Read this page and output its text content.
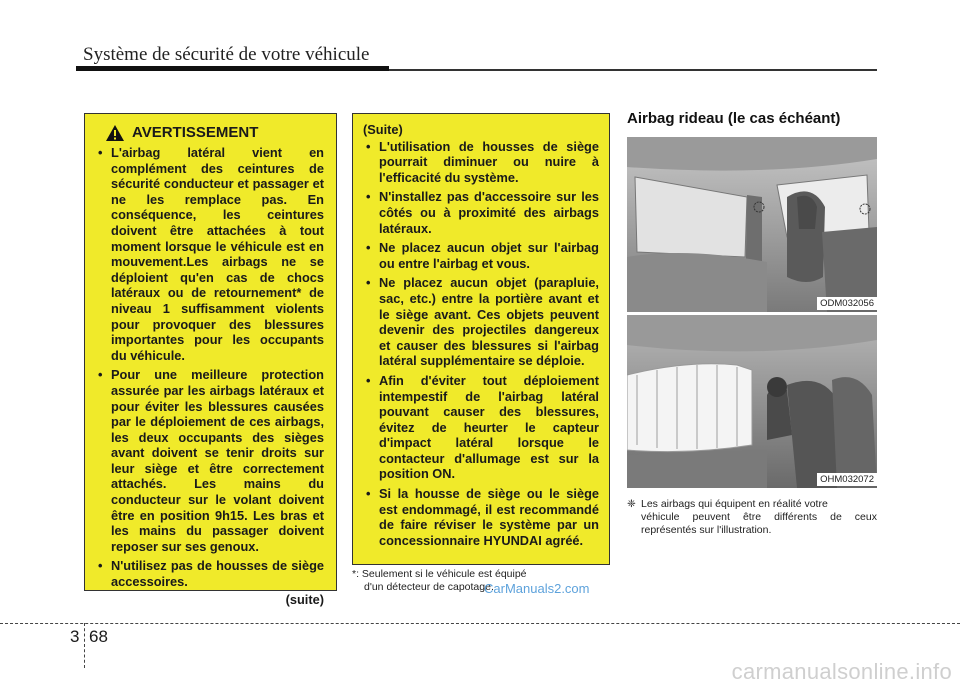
Système de sécurité de votre véhicule
AVERTISSEMENT
• L'airbag latéral vient en complément des ceintures de sécurité conducteur et passager et ne les remplace pas. En conséquence, les ceintures doivent être attachées à tout moment lorsque le véhicule est en mouvement.Les airbags ne se déploient qu'en cas de chocs latéraux ou de retournement* de niveau 1 suffisamment violents pour provoquer des blessures importantes pour les occupants du véhicule.
• Pour une meilleure protection assurée par les airbags latéraux et pour éviter les blessures causées par le déploiement de ces airbags, les deux occupants des sièges avant doivent se tenir droits sur leur siège et être correctement attachés. Les mains du conducteur sur le volant doivent être en position 9h15. Les bras et les mains du passager doivent reposer sur ses genoux.
• N'utilisez pas de housses de siège accessoires.
(suite)
(Suite)
• L'utilisation de housses de siège pourrait diminuer ou nuire à l'efficacité du système.
• N'installez pas d'accessoire sur les côtés ou à proximité des airbags latéraux.
• Ne placez aucun objet sur l'airbag ou entre l'airbag et vous.
• Ne placez aucun objet (parapluie, sac, etc.) entre la portière avant et le siège avant. Ces objets peuvent devenir des projectiles dangereux et causer des blessures si l'airbag latéral supplémentaire se déploie.
• Afin d'éviter tout déploiement intempestif de l'airbag latéral pouvant causer des blessures, évitez de heurter le capteur d'impact latéral lorsque le contacteur d'allumage est sur la position ON.
• Si la housse de siège ou le siège est endommagé, il est recommandé de faire réviser le système par un concessionnaire HYUNDAI agréé.
*: Seulement si le véhicule est équipé
d'un détecteur de capotage.
CarManuals2.com
Airbag rideau (le cas échéant)
ODM032056
OHM032072
❈ Les airbags qui équipent en réalité votre
véhicule peuvent être différents de ceux représentés sur l'illustration.
3 68
carmanualsonline.info
